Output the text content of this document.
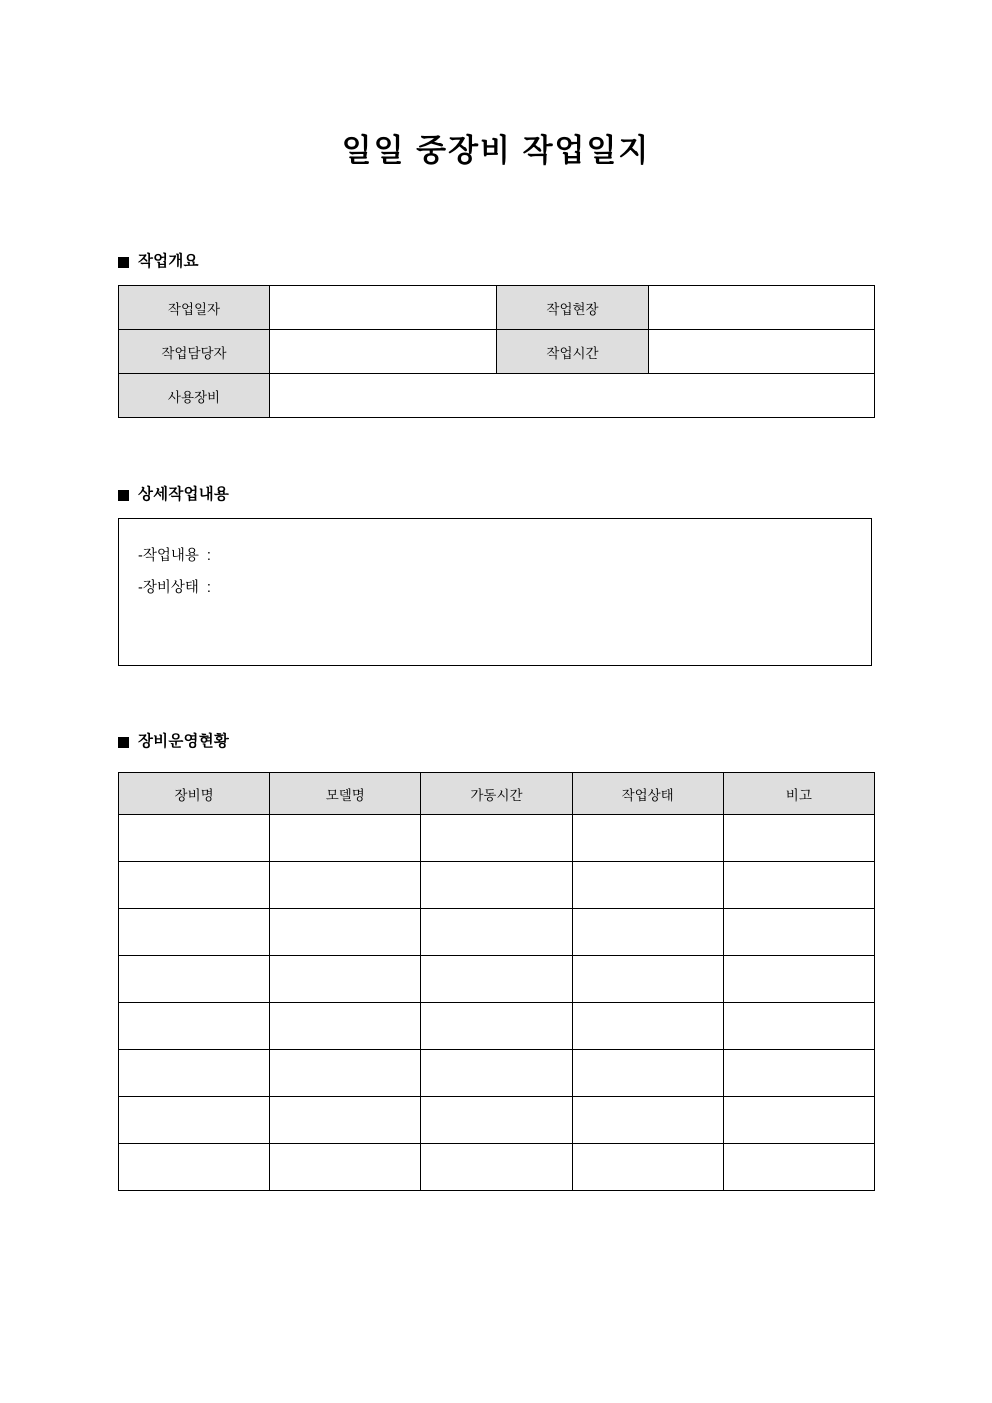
일일 중장비 작업일지
작업개요
작업일자		작업현장	
작업담당자		작업시간	
사용장비			
상세작업내용
-작업내용  :
-장비상태  :
장비운영현황
장비명	모델명	가동시간	작업상태	비고
